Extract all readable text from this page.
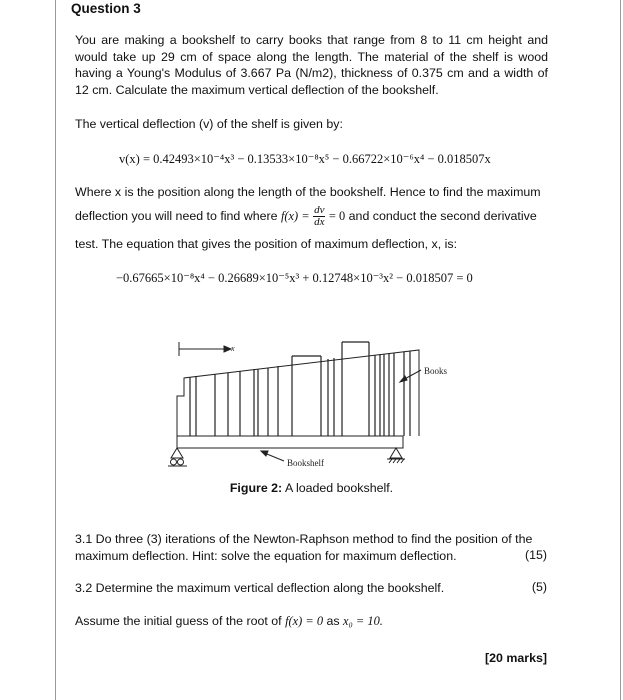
Question 3
You are making a bookshelf to carry books that range from 8 to 11 cm height and would take up 29 cm of space along the length. The material of the shelf is wood having a Young's Modulus of 3.667 Pa (N/m2), thickness of 0.375 cm and a width of 12 cm. Calculate the maximum vertical deflection of the bookshelf.
The vertical deflection (v) of the shelf is given by:
v(x) = 0.42493×10⁻⁴x³ − 0.13533×10⁻⁸x⁵ − 0.66722×10⁻⁶x⁴ − 0.018507x
Where x is the position along the length of the bookshelf. Hence to find the maximum
deflection you will need to find where $f(x) = \frac{dv}{dx} = 0$ and conduct the second derivative
test. The equation that gives the position of maximum deflection, x, is:
−0.67665×10⁻⁸x⁴ − 0.26689×10⁻⁵x³ + 0.12748×10⁻³x² − 0.018507 = 0
x
Books
Bookshelf
Figure 2: A loaded bookshelf.
3.1 Do three (3) iterations of the Newton-Raphson method to find the position of the maximum deflection. Hint: solve the equation for maximum deflection.	(15)
3.2 Determine the maximum vertical deflection along the bookshelf.	(5)
Assume the initial guess of the root of f(x) = 0 as x₀ = 10.
[20 marks]
